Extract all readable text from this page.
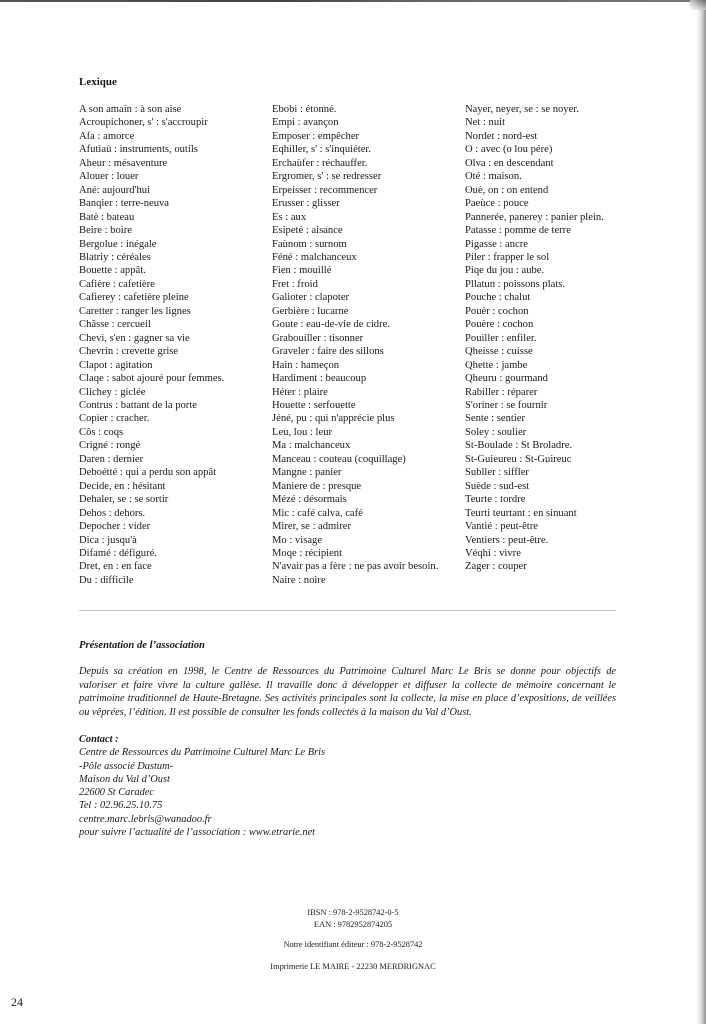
Lexique
A son amain : à son aise
Acroupichoner, s' : s'accroupir
Afa : amorce
Afutiaù : instruments, outils
Aheur : mésaventure
Alouer : louer
Ané: aujourd'hui
Banqier : terre-neuva
Batè : bateau
Beire : boire
Bergolue : inégale
Blatriy : céréales
Bouette : appât.
Cafière : cafetière
Cafierey : cafetière pleine
Caretter : ranger les lignes
Châsse : cercueil
Chevi, s'en : gagner sa vie
Chevrin : crevette grise
Clapot : agitation
Claqe : sabot ajouré pour femmes.
Clichey : giclée
Contrus : battant de la porte
Copier : cracher.
Côs : coqs
Crigné : rongé
Daren : dernier
Deboétté : qui a perdu son appât
Decide, en : hésitant
Dehaler, se : se sortir
Dehos : dehors.
Depocher : vider
Dica : jusqu'à
Difamé : défiguré.
Dret, en : en face
Du : difficile
Ebobi : étonné.
Empi : avançon
Emposer : empêcher
Eqhiller, s' : s'inquiéter.
Erchaùfer : réchauffer.
Ergromer, s' : se redresser
Erpeisser : recommencer
Erusser : glisser
Es : aux
Esipeté : aisance
Faùnom : surnom
Féné : malchanceux
Fien : mouillé
Fret : froid
Galioter : clapoter
Gerbière : lucarne
Goute : eau-de-vie de cidre.
Grabouiller : tisonner
Graveler : faire des sillons
Hain : hameçon
Hardiment : beaucoup
Héter : plaire
Houette : serfouette
Jéné, pu : qui n'apprécie plus
Leu, lou : leur
Ma : malchanceux
Manceau : couteau (coquillage)
Mangne : panier
Maniere de : presque
Mézé : désormais
Mic : café calva, café
Mirer, se : admirer
Mo : visage
Moqe : récipient
N'avair pas a fère : ne pas avoir besoin.
Naire : noire
Nayer, neyer, se : se noyer.
Net : nuit
Nordet : nord-est
O : avec (o lou pére)
Olva : en descendant
Oté : maison.
Ouè, on : on entend
Paeùce : pouce
Pannerée, panerey : panier plein.
Patasse : pomme de terre
Pigasse : ancre
Piler : frapper le sol
Piqe du jou : aube.
Pllatun : poissons plats.
Pouche : chalut
Pouèr : cochon
Pouère : cochon
Pouiller : enfiler.
Qheisse : cuisse
Qhette : jambe
Qheuru : gourmand
Rabiller : réparer
S'oriner : se fournir
Sente : sentier
Soley : soulier
St-Boulade : St Broladre.
St-Guieureu : St-Guireuc
Subller : siffler
Suède : sud-est
Teurte : tordre
Teurti teurtant : en sinuant
Vantié : peut-être
Ventiers : peut-être.
Véqhi : vivre
Zager : couper
Présentation de l’association
Depuis sa création en 1998, le Centre de Ressources du Patrimoine Culturel Marc Le Bris se donne pour objectifs de
valoriser et faire vivre la culture gallèse. Il travaille donc à développer et diffuser la collecte de mémoire concernant le
patrimoine traditionnel de Haute-Bretagne. Ses activités principales sont la collecte, la mise en place d’expositions, de veillées
ou vêprées, l’édition. Il est possible de consulter les fonds collectés à la maison du Val d’Oust.
Contact :
Centre de Ressources du Patrimoine Culturel Marc Le Bris
-Pôle associé Dastum-
Maison du Val d’Oust
22600 St Caradec
Tel : 02.96.25.10.75
centre.marc.lebris@wanadoo.fr
pour suivre l’actualité de l’association : www.etrarie.net
IBSN : 978-2-9528742-0-5
EAN : 9782952874205
Notre identifiant éditeur : 978-2-9528742
Imprimerie LE MAIRE - 22230 MERDRIGNAC
24
